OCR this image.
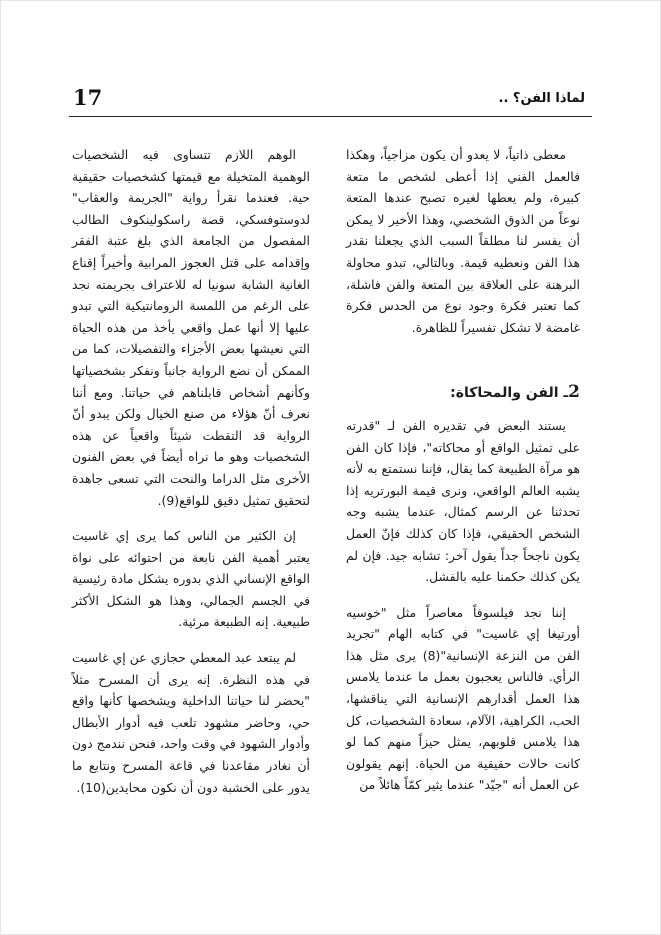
17	لماذا الفن؟ ..

معطى ذاتياً، لا يعدو أن يكون مزاجياً، وهكذا فالعمل الفني إذا أعطى لشخص ما متعة كبيرة، ولم يعطها لغيره تصبح عندها المتعة نوعاً من الذوق الشخصي، وهذا الأخير لا يمكن أن يفسر لنا مطلقاً السبب الذي يجعلنا نقدر هذا الفن ونعطيه قيمة. وبالتالي، تبدو محاولة البرهنة على العلاقة بين المتعة والفن فاشلة، كما تعتبر فكرة وجود نوع من الحدس فكرة غامضة لا تشكل تفسيراً للظاهرة.

2ـ الفن والمحاكاة:

يستند البعض في تقديره الفن لـ "قدرته على تمثيل الواقع أو محاكاته"، فإذا كان الفن هو مرآة الطبيعة كما يقال، فإننا نستمتع به لأنه يشبه العالم الواقعي، ونرى قيمة البورتريه إذا تحدثنا عن الرسم كمثال، عندما يشبه وجه الشخص الحقيقي، فإذا كان كذلك فإنّ العمل يكون ناجحاً جداً يقول آخر: تشابه جيد. فإن لم يكن كذلك حكمنا عليه بالفشل.

إننا نجد فيلسوفاً معاصراً مثل "خوسيه أورتيغا إي غاسيت" في كتابه الهام "تجريد الفن من النزعة الإنسانية"(8) يرى مثل هذا الرأي. فالناس يعجبون بعمل ما عندما يلامس هذا العمل أقدارهم الإنسانية التي يناقشها، الحب، الكراهية، الآلام، سعادة الشخصيات، كل هذا يلامس قلوبهم، يمثل حيزاً منهم كما لو كانت حالات حقيقية من الحياة. إنهم يقولون عن العمل أنه "جيّد" عندما يثير كمّاً هائلاً من

الوهم اللازم تتساوى فيه الشخصيات الوهمية المتخيلة مع قيمتها كشخصيات حقيقية حية. فعندما نقرأ رواية "الجريمة والعقاب" لدوستوفسكي، قصة راسكولينكوف الطالب المفصول من الجامعة الذي بلغ عتبة الفقر وإقدامه على قتل العجوز المرابية وأخيراً إقناع الغانية الشابة سونيا له للاعتراف بجريمته نجد على الرغم من اللمسة الرومانتيكية التي تبدو عليها إلا أنها عمل واقعي يأخذ من هذه الحياة التي نعيشها بعض الأجزاء والتفصيلات، كما من الممكن أن نضع الرواية جانباً ونفكر بشخصياتها وكأنهم أشخاص قابلناهم في حياتنا. ومع أننا نعرف أنّ هؤلاء من صنع الخيال ولكن يبدو أنّ الرواية قد التقطت شيئاً واقعياً عن هذه الشخصيات وهو ما نراه أيضاً في بعض الفنون الأخرى مثل الدراما والنحت التي تسعى جاهدة لتحقيق تمثيل دقيق للواقع(9).

إن الكثير من الناس كما يرى إي غاسيت يعتبر أهمية الفن نابعة من احتوائه على نواة الواقع الإنساني الذي بدوره يشكل مادة رئيسية في الجسم الجمالي، وهذا هو الشكل الأكثر طبيعية. إنه الطبيعة مرئية.

لم يبتعد عبد المعطي حجازي عن إي غاسيت في هذه النظرة. إنه يرى أن المسرح مثلاً "يحضر لنا حياتنا الداخلية ويشخصها كأنها واقع حي، وحاضر مشهود تلعب فيه أدوار الأبطال وأدوار الشهود في وقت واحد، فنحن نندمج دون أن نغادر مقاعدنا في قاعة المسرح ونتابع ما يدور على الخشبة دون أن نكون محايدين(10).
